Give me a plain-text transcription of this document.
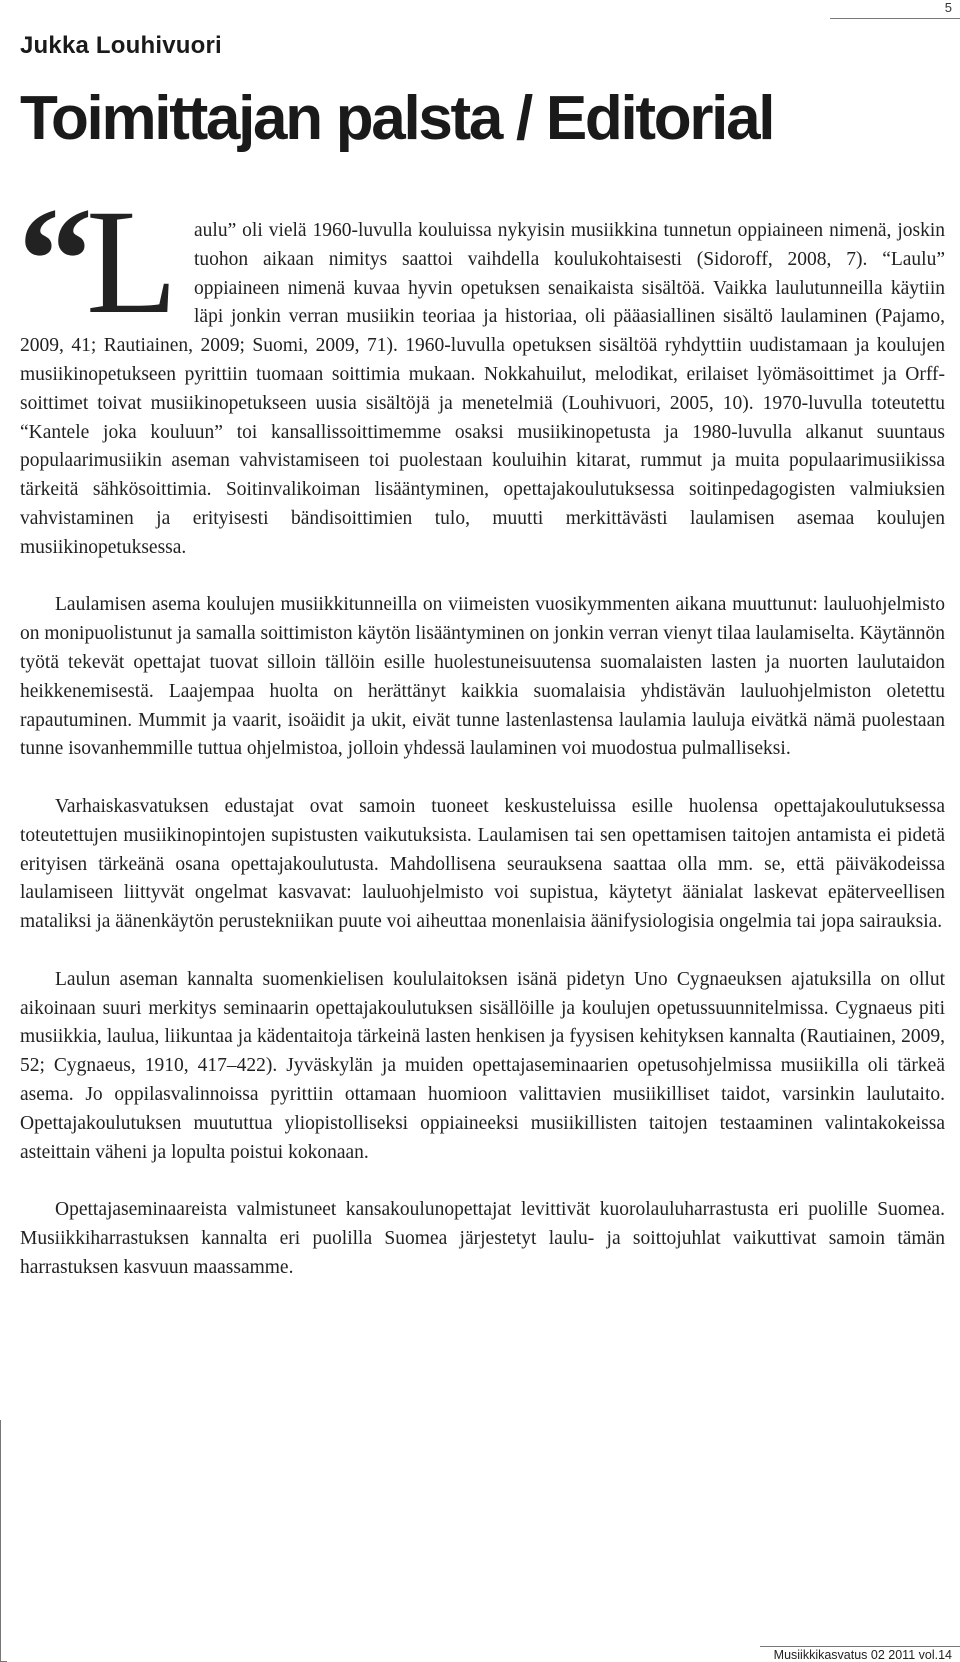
5
Jukka Louhivuori
Toimittajan palsta / Editorial

“
L aulu” oli vielä 1960-luvulla kouluissa nykyisin musiikkina tunnetun oppiaineen nimenä, joskin tuohon aikaan nimitys saattoi vaihdella koulukohtaisesti (Sidoroff, 2008, 7). “Laulu” oppiaineen nimenä kuvaa hyvin opetuksen senaikaista sisältöä. Vaikka laulutunneilla käytiin läpi jonkin verran musiikin teoriaa ja historiaa, oli pääasiallinen sisältö laulaminen (Pajamo, 2009, 41; Rautiainen, 2009; Suomi, 2009, 71). 1960-luvulla opetuksen sisältöä ryhdyttiin uudistamaan ja koulujen musiikinopetukseen pyrittiin tuomaan soittimia mukaan. Nokkahuilut, melodikat, erilaiset lyömäsoittimet ja Orff-soittimet toivat musiikinopetukseen uusia sisältöjä ja menetelmiä (Louhivuori, 2005, 10). 1970-luvulla toteutettu “Kantele joka kouluun” toi kansallissoittimemme osaksi musiikinopetusta ja 1980-luvulla alkanut suuntaus populaarimusiikin aseman vahvistamiseen toi puolestaan kouluihin kitarat, rummut ja muita populaarimusiikissa tärkeitä sähkösoittimia. Soitinvalikoiman lisääntyminen, opettajakoulutuksessa soitinpedagogisten valmiuksien vahvistaminen ja erityisesti bändisoittimien tulo, muutti merkittävästi laulamisen asemaa koulujen musiikinopetuksessa.

Laulamisen asema koulujen musiikkitunneilla on viimeisten vuosikymmenten aikana muuttunut: lauluohjelmisto on monipuolistunut ja samalla soittimiston käytön lisääntyminen on jonkin verran vienyt tilaa laulamiselta. Käytännön työtä tekevät opettajat tuovat silloin tällöin esille huolestuneisuutensa suomalaisten lasten ja nuorten laulutaidon heikkenemisestä. Laajempaa huolta on herättänyt kaikkia suomalaisia yhdistävän lauluohjelmiston oletettu rapautuminen. Mummit ja vaarit, isoäidit ja ukit, eivät tunne lastenlastensa laulamia lauluja eivätkä nämä puolestaan tunne isovanhemmille tuttua ohjelmistoa, jolloin yhdessä laulaminen voi muodostua pulmalliseksi.

Varhaiskasvatuksen edustajat ovat samoin tuoneet keskusteluissa esille huolensa opettajakoulutuksessa toteutettujen musiikinopintojen supistusten vaikutuksista. Laulamisen tai sen opettamisen taitojen antamista ei pidetä erityisen tärkeänä osana opettajakoulutusta. Mahdollisena seurauksena saattaa olla mm. se, että päiväkodeissa laulamiseen liittyvät ongelmat kasvavat: lauluohjelmisto voi supistua, käytetyt äänialat laskevat epäterveellisen mataliksi ja äänenkäytön perustekniikan puute voi aiheuttaa monenlaisia äänifysiologisia ongelmia tai jopa sairauksia.

Laulun aseman kannalta suomenkielisen koululaitoksen isänä pidetyn Uno Cygnaeuksen ajatuksilla on ollut aikoinaan suuri merkitys seminaarin opettajakoulutuksen sisällöille ja koulujen opetussuunnitelmissa. Cygnaeus piti musiikkia, laulua, liikuntaa ja kädentaitoja tärkeinä lasten henkisen ja fyysisen kehityksen kannalta (Rautiainen, 2009, 52; Cygnaeus, 1910, 417–422). Jyväskylän ja muiden opettajaseminaarien opetusohjelmissa musiikilla oli tärkeä asema. Jo oppilasvalinnoissa pyrittiin ottamaan huomioon valittavien musiikilliset taidot, varsinkin laulutaito. Opettajakoulutuksen muututtua yliopistolliseksi oppiaineeksi musiikillisten taitojen testaaminen valintakokeissa asteittain väheni ja lopulta poistui kokonaan.

Opettajaseminaareista valmistuneet kansakoulunopettajat levittivät kuorolauluharrastusta eri puolille Suomea. Musiikkiharrastuksen kannalta eri puolilla Suomea järjestetyt laulu- ja soittojuhlat vaikuttivat samoin tämän harrastuksen kasvuun maassamme.

Musiikkikasvatus 02 2011 vol.14
